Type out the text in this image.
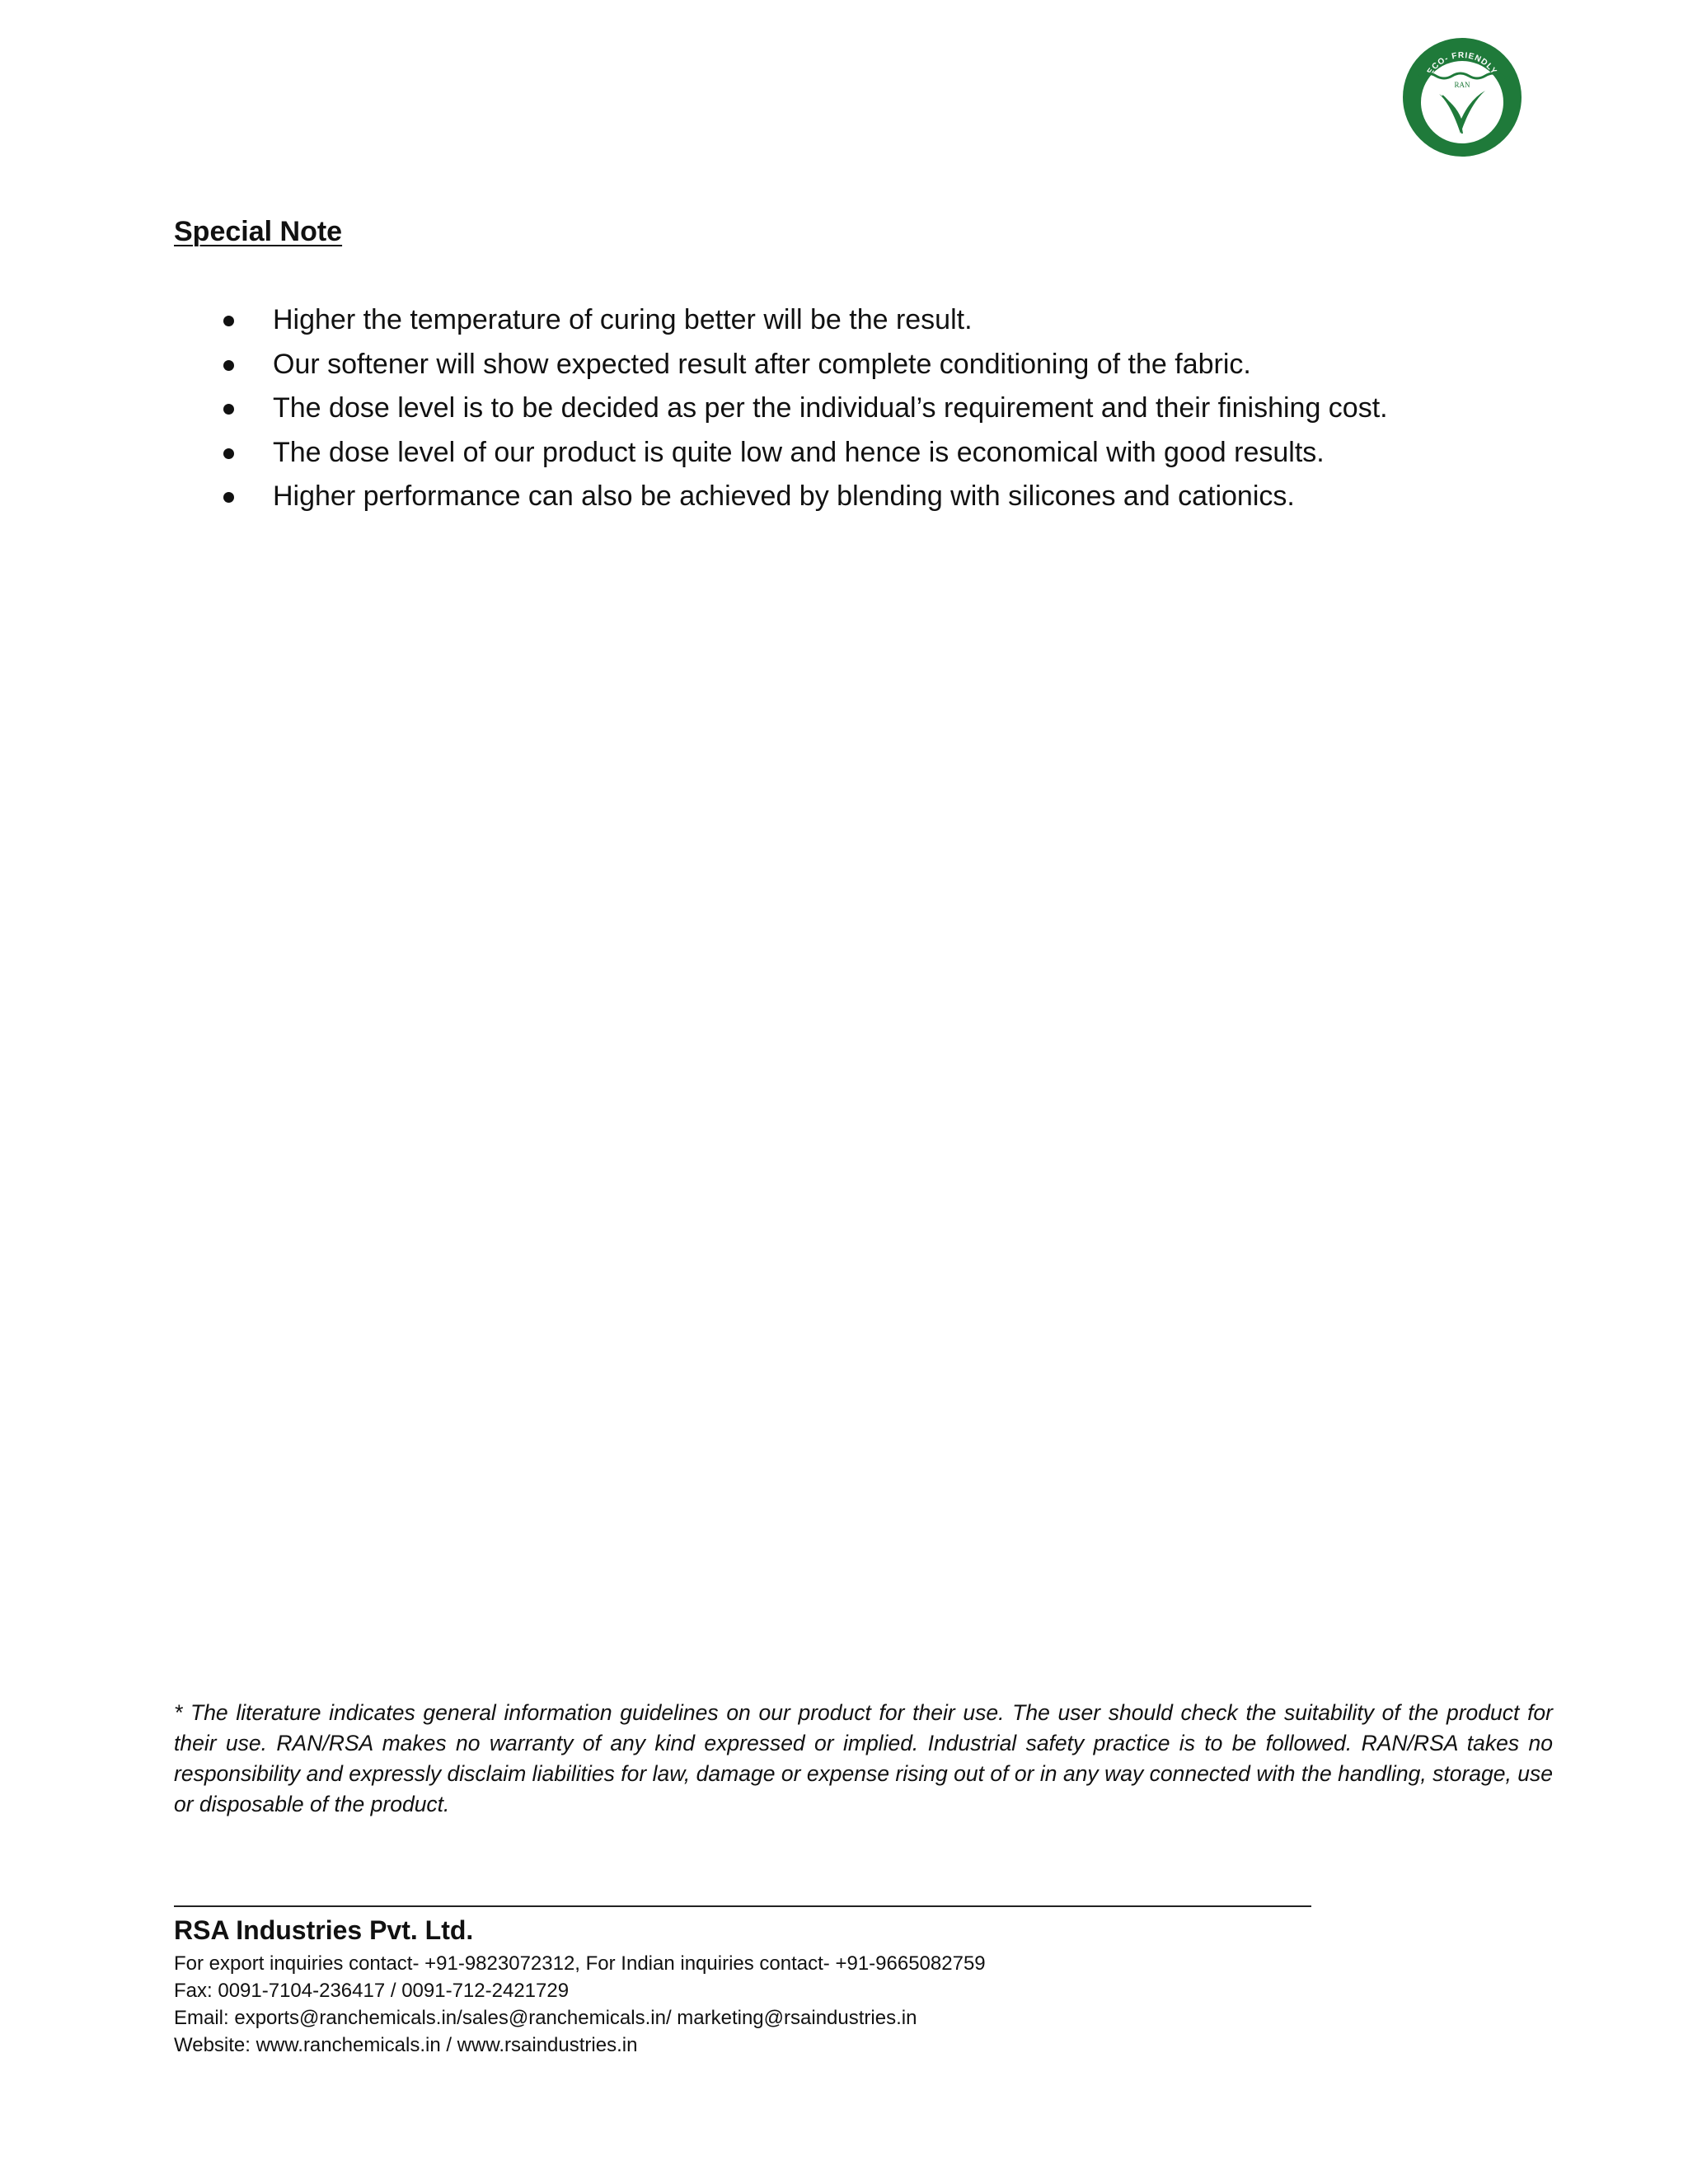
ECO- FRIENDLY
RAN
Special Note
Higher the temperature of curing better will be the result.
Our softener will show expected result after complete conditioning of the fabric.
The dose level is to be decided as per the individual’s requirement and their finishing cost.
The dose level of our product is quite low and hence is economical with good results.
Higher performance can also be achieved by blending with silicones and cationics.
* The literature indicates general information guidelines on our product for their use. The user should check the suitability of the product for their use. RAN/RSA makes no warranty of any kind expressed or implied. Industrial safety practice is to be followed. RAN/RSA takes no responsibility and expressly disclaim liabilities for law, damage or expense rising out of or in any way connected with the handling, storage, use or disposable of the product.
RSA Industries Pvt. Ltd.
For export inquiries contact- +91-9823072312, For Indian inquiries contact- +91-9665082759
Fax: 0091-7104-236417 / 0091-712-2421729
Email: exports@ranchemicals.in/sales@ranchemicals.in/ marketing@rsaindustries.in
Website: www.ranchemicals.in / www.rsaindustries.in
